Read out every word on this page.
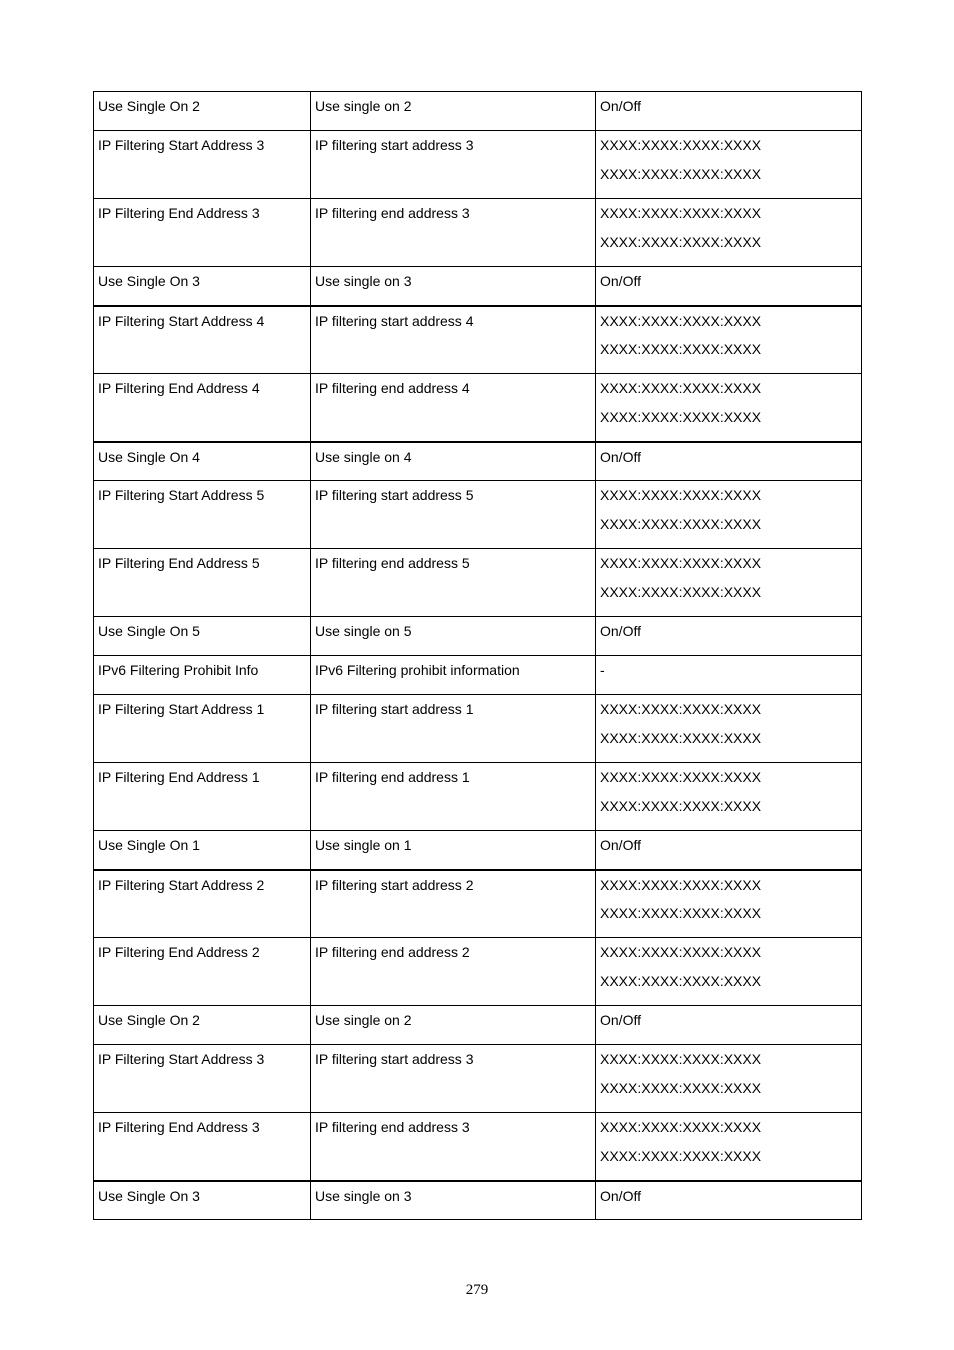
Use Single On 2	Use single on 2	On/Off

IP Filtering Start Address 3	IP filtering start address 3	XXXX:XXXX:XXXX:XXXX
XXXX:XXXX:XXXX:XXXX

IP Filtering End Address 3	IP filtering end address 3	XXXX:XXXX:XXXX:XXXX
XXXX:XXXX:XXXX:XXXX

Use Single On 3	Use single on 3	On/Off

IP Filtering Start Address 4	IP filtering start address 4	XXXX:XXXX:XXXX:XXXX
XXXX:XXXX:XXXX:XXXX

IP Filtering End Address 4	IP filtering end address 4	XXXX:XXXX:XXXX:XXXX
XXXX:XXXX:XXXX:XXXX

Use Single On 4	Use single on 4	On/Off

IP Filtering Start Address 5	IP filtering start address 5	XXXX:XXXX:XXXX:XXXX
XXXX:XXXX:XXXX:XXXX

IP Filtering End Address 5	IP filtering end address 5	XXXX:XXXX:XXXX:XXXX
XXXX:XXXX:XXXX:XXXX

Use Single On 5	Use single on 5	On/Off

IPv6 Filtering Prohibit Info	IPv6 Filtering prohibit information	-

IP Filtering Start Address 1	IP filtering start address 1	XXXX:XXXX:XXXX:XXXX
XXXX:XXXX:XXXX:XXXX

IP Filtering End Address 1	IP filtering end address 1	XXXX:XXXX:XXXX:XXXX
XXXX:XXXX:XXXX:XXXX

Use Single On 1	Use single on 1	On/Off

IP Filtering Start Address 2	IP filtering start address 2	XXXX:XXXX:XXXX:XXXX
XXXX:XXXX:XXXX:XXXX

IP Filtering End Address 2	IP filtering end address 2	XXXX:XXXX:XXXX:XXXX
XXXX:XXXX:XXXX:XXXX

Use Single On 2	Use single on 2	On/Off

IP Filtering Start Address 3	IP filtering start address 3	XXXX:XXXX:XXXX:XXXX
XXXX:XXXX:XXXX:XXXX

IP Filtering End Address 3	IP filtering end address 3	XXXX:XXXX:XXXX:XXXX
XXXX:XXXX:XXXX:XXXX

Use Single On 3	Use single on 3	On/Off
279
